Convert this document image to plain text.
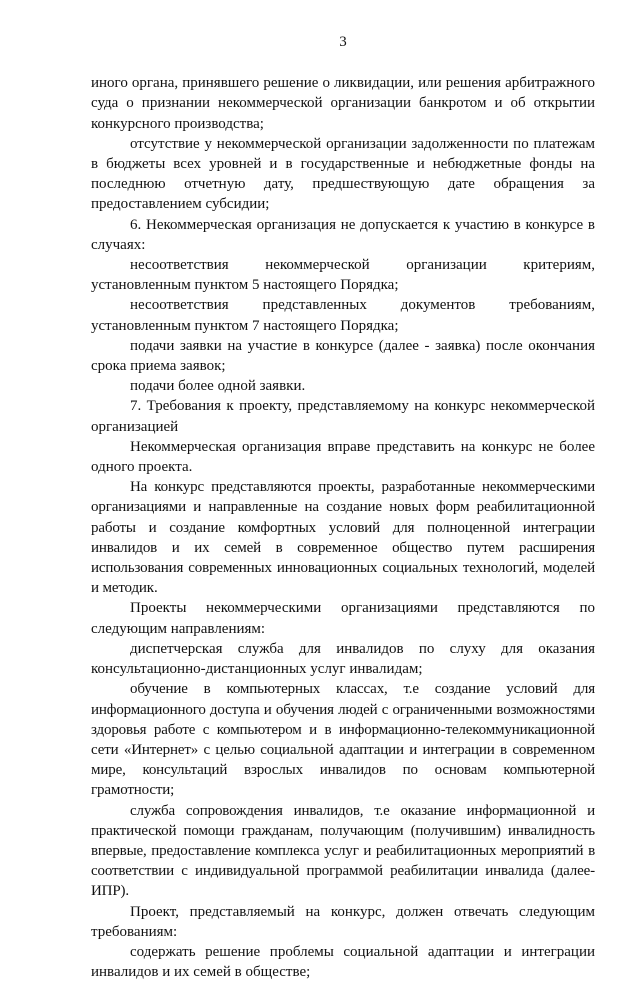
3

иного органа, принявшего решение о ликвидации, или решения арбитражного суда о признании некоммерческой организации банкротом и об открытии конкурсного производства;

отсутствие у некоммерческой организации задолженности по платежам в бюджеты всех уровней и в государственные и небюджетные фонды на последнюю отчетную дату, предшествующую дате обращения за предоставлением субсидии;

6. Некоммерческая организация не допускается к участию в конкурсе в случаях:

несоответствия некоммерческой организации критериям, установленным пунктом 5 настоящего Порядка;

несоответствия представленных документов требованиям, установленным пунктом 7 настоящего Порядка;

подачи заявки на участие в конкурсе (далее - заявка) после окончания срока приема заявок;

подачи более одной заявки.

7. Требования к проекту, представляемому на конкурс некоммерческой организацией

Некоммерческая организация вправе представить на конкурс не более одного проекта.

На конкурс представляются проекты, разработанные некоммерческими организациями и направленные на создание новых форм реабилитационной работы и создание комфортных условий для полноценной интеграции инвалидов и их семей в современное общество путем расширения использования современных инновационных социальных технологий, моделей и методик.

Проекты некоммерческими организациями представляются по следующим направлениям:

диспетчерская служба для инвалидов по слуху для оказания консультационно-дистанционных услуг инвалидам;

обучение в компьютерных классах, т.е создание условий для информационного доступа и обучения людей с ограниченными возможностями здоровья работе с компьютером и в информационно-телекоммуникационной сети «Интернет» с целью социальной адаптации и интеграции в современном мире, консультаций взрослых инвалидов по основам компьютерной грамотности;

служба сопровождения инвалидов, т.е оказание информационной и практической помощи гражданам, получающим (получившим) инвалидность впервые, предоставление комплекса услуг и реабилитационных мероприятий в соответствии с индивидуальной программой реабилитации инвалида (далее- ИПР).

Проект, представляемый на конкурс, должен отвечать следующим требованиям:

содержать решение проблемы социальной адаптации и интеграции инвалидов и их семей в обществе;
